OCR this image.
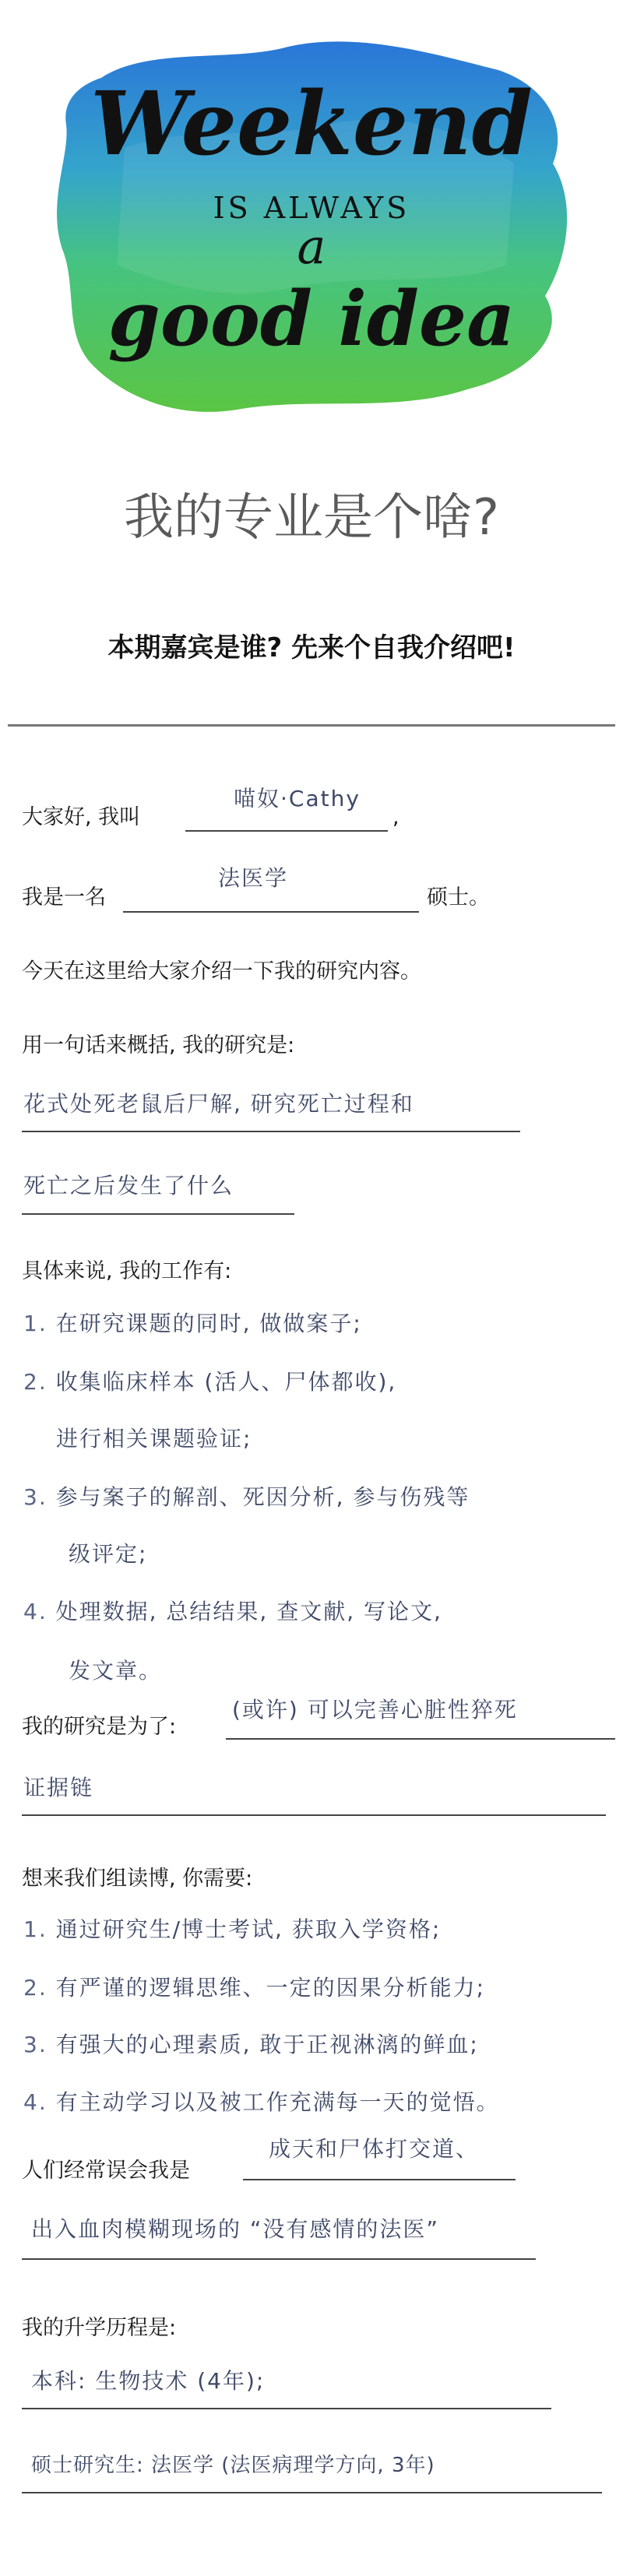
Weekend
IS ALWAYS
a
good idea
我的专业是个啥?
本期嘉宾是谁? 先来个自我介绍吧!
大家好, 我叫
喵奴·Cathy
,
我是一名
法医学
硕士。
今天在这里给大家介绍一下我的研究内容。
用一句话来概括, 我的研究是:
花式处死老鼠后尸解, 研究死亡过程和
死亡之后发生了什么
具体来说, 我的工作有:
1. 在研究课题的同时, 做做案子;
2. 收集临床样本 (活人、尸体都收),
进行相关课题验证;
3. 参与案子的解剖、死因分析, 参与伤残等
级评定;
4. 处理数据, 总结结果, 查文献, 写论文,
发文章。
我的研究是为了:
(或许) 可以完善心脏性猝死
证据链
想来我们组读博, 你需要:
1. 通过研究生/博士考试, 获取入学资格;
2. 有严谨的逻辑思维、一定的因果分析能力;
3. 有强大的心理素质, 敢于正视淋漓的鲜血;
4. 有主动学习以及被工作充满每一天的觉悟。
人们经常误会我是
成天和尸体打交道、
出入血肉模糊现场的 “没有感情的法医”
我的升学历程是:
本科: 生物技术 (4年);
硕士研究生: 法医学 (法医病理学方向, 3年)
